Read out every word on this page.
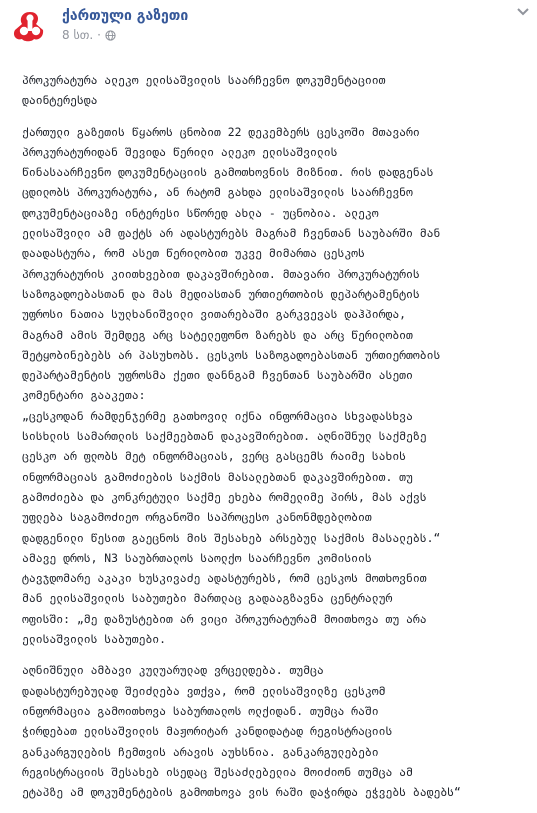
ქართული გაზეთი
8 სთ. ·

პროკურატურა ალეკო ელისაშვილის საარჩევნო დოკუმენტაციით
დაინტერესდა

ქართული გაზეთის წყაროს ცნობით 22 დეკემბერს ცესკოში მთავარი
პროკურატურიდან შევიდა წერილი ალეკო ელისაშვილის
წინასაარჩევნო დოკუმენტაციის გამოთხოვნის მიზნით. რის დადგენას
ცდილობს პროკურატურა, ან რატომ გახდა ელისაშვილის საარჩევნო
დოკუმენტაციაზე ინტერესი სწორედ ახლა - უცნობია. ალეკო
ელისაშვილი ამ ფაქტს არ ადასტურებს მაგრამ ჩვენთან საუბარში მან
დაადასტურა, რომ ასეთ წერილობით უკვე მიმართა ცესკოს
პროკურატურის კიითხვებით დაკავშირებით. მთავარი პროკურატურის
საზოგადოებასთან და მას მედიასთან ურთიერთობის დეპარტამენტის
უფროსი ნათია სულხანიშვილი ვითარებაში გარკვევას დაჰპირდა,
მაგრამ ამის შემდეგ არც სატელეფონო ზარებს და არც წერილობით
შეტყობინებებს არ პასუხობს. ცესკოს საზოგადოებასთან ურთიერთობის
დეპარტამენტის უფროსმა ქეთი დანნგამ ჩვენთან საუბარში ასეთი
კომენტარი გააკეთა:
„ცესკოდან რამდენჯერმე გათხოვილ იქნა ინფორმაცია სხვადასხვა
სისხლის სამართლის საქმეებთან დაკავშირებით. აღნიშნულ საქმეზე
ცესკო არ ფლობს მეტ ინფორმაციას, ვერც გასცემს რაიმე სახის
ინფორმაციას გამოძიების საქმის მასალებთან დაკავშირებით. თუ
გამოძიება და კონკრეტული საქმე ეხება რომელიმე პირს, მას აქვს
უფლება საგამოძიეო ორგანოში საპროცესო კანონმდებლობით
დადგენილი წესით გაეცნოს მის შესახებ არსებულ საქმის მასალებს.“
ამავე დროს, N3 საუბრთალოს საოლქო საარჩევნო კომისიის
ტავჯდომარე აკაკი ხუსკივაძე ადასტურებს, რომ ცესკოს მოთხოვნით
მან ელისაშვილის საბუთები მართლაც გადააგზავნა ცენტრალურ
ოფისში: „მე დაზუსტებით არ ვიცი პროკურატურამ მოითხოვა თუ არა
ელისაშვილის საბუთები.

აღნიშნული ამბავი კულუარულად ვრცელდება. თუმცა
დადასტურებულად შეიძლება ვთქვა, რომ ელისაშვილზე ცესკომ
ინფორმაცია გამოითხოვა საბურთალოს ოლქიდან. თუმცა რაში
ჭირდებათ ელისაშვილის მაჟორიტარ კანდიდატად რეგისტრაციის
განკარგულების ჩემთვის არავის აუხსნია. განკარგულებები
რეგისტრაციის შესახებ ისედაც შესაძლებელია მოიძიონ თუმცა ამ
ეტაპზე ამ დოკუმენტების გამოთხოვა ვის რაში დაჭირდა ეჭვებს ბადებს“
